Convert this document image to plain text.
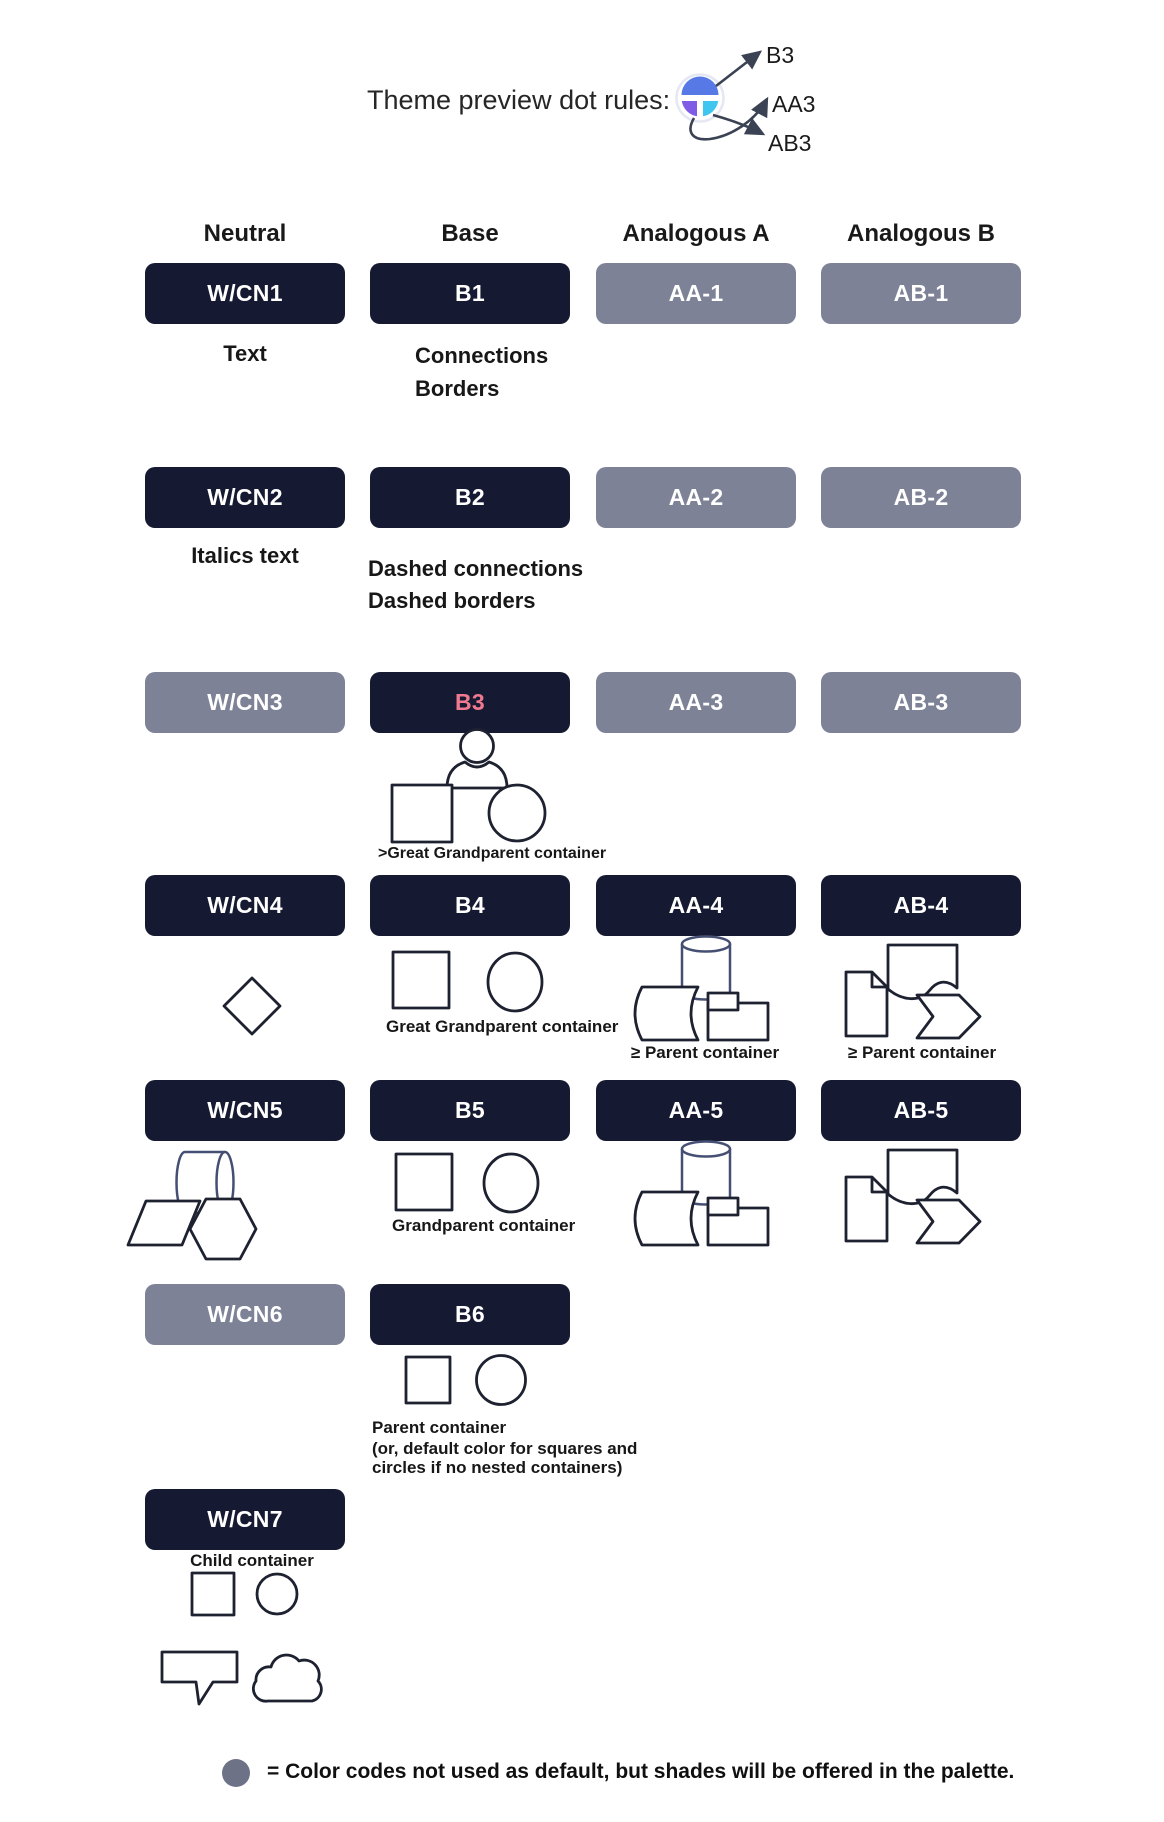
Theme preview dot rules:
B3
AA3
AB3
Neutral	Base	Analogous A	Analogous B
W/CN1	B1	AA-1	AB-1
Text	Connections
Borders
W/CN2	B2	AA-2	AB-2
Italics text
Dashed connections
Dashed borders
W/CN3	B3	AA-3	AB-3
>Great Grandparent container
W/CN4	B4	AA-4	AB-4
Great Grandparent container
≥ Parent container	≥ Parent container
W/CN5	B5	AA-5	AB-5
Grandparent container
W/CN6	B6
Parent container
(or, default color for squares and
circles if no nested containers)
W/CN7
Child container
= Color codes not used as default, but shades will be offered in the palette.
